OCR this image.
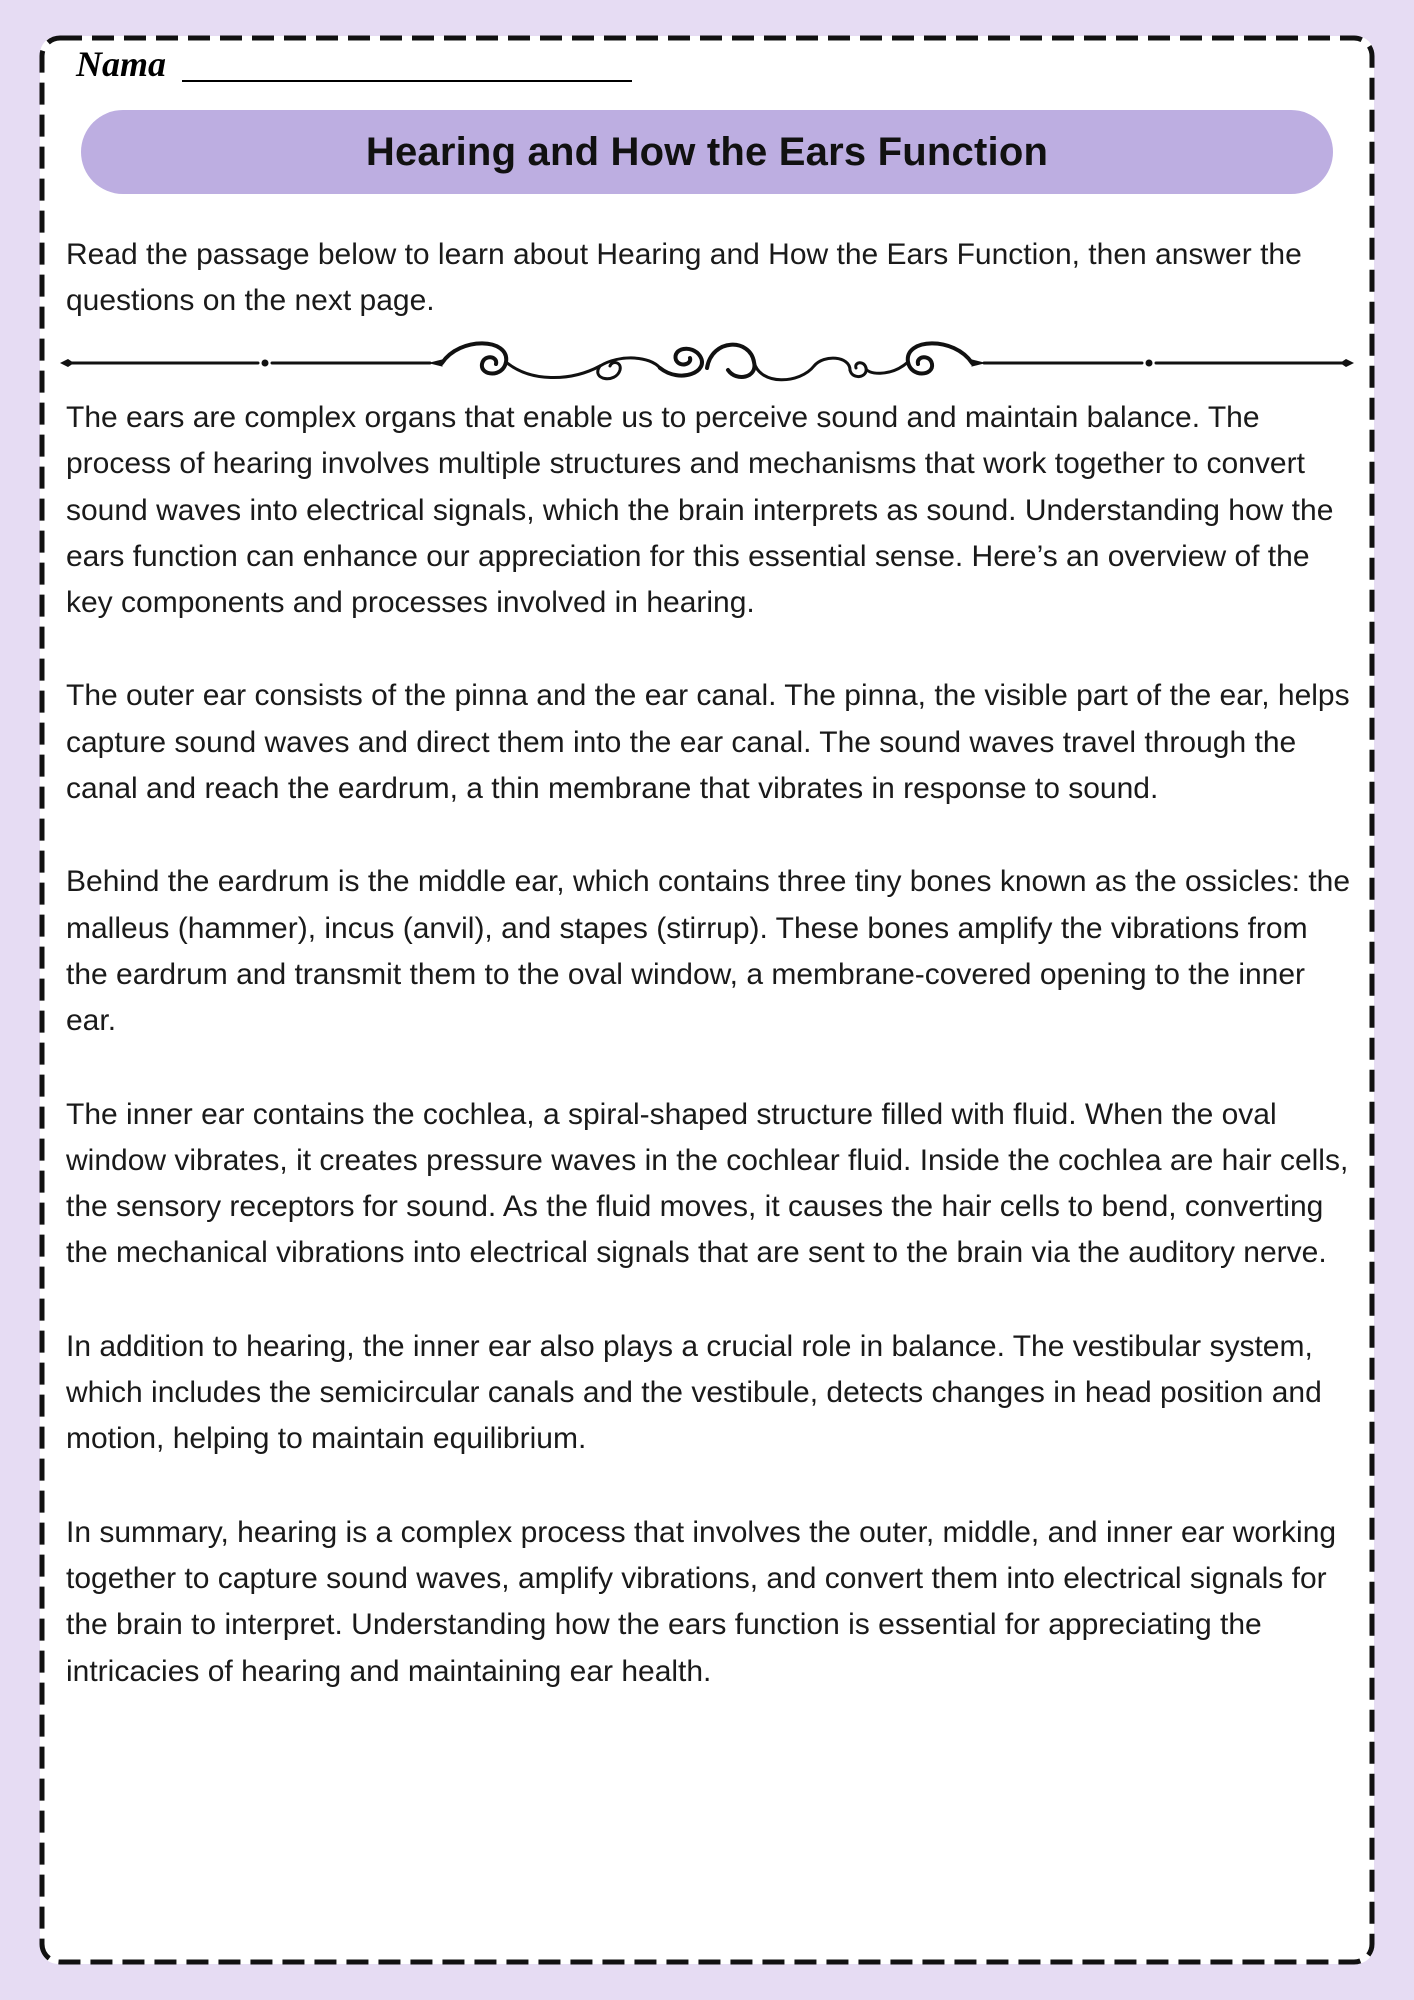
Nama
Hearing and How the Ears Function

Read the passage below to learn about Hearing and How the Ears Function, then answer the questions on the next page.

The ears are complex organs that enable us to perceive sound and maintain balance. The process of hearing involves multiple structures and mechanisms that work together to convert sound waves into electrical signals, which the brain interprets as sound. Understanding how the ears function can enhance our appreciation for this essential sense. Here’s an overview of the key components and processes involved in hearing.

The outer ear consists of the pinna and the ear canal. The pinna, the visible part of the ear, helps capture sound waves and direct them into the ear canal. The sound waves travel through the canal and reach the eardrum, a thin membrane that vibrates in response to sound.

Behind the eardrum is the middle ear, which contains three tiny bones known as the ossicles: the malleus (hammer), incus (anvil), and stapes (stirrup). These bones amplify the vibrations from the eardrum and transmit them to the oval window, a membrane-covered opening to the inner ear.

The inner ear contains the cochlea, a spiral-shaped structure filled with fluid. When the oval window vibrates, it creates pressure waves in the cochlear fluid. Inside the cochlea are hair cells, the sensory receptors for sound. As the fluid moves, it causes the hair cells to bend, converting the mechanical vibrations into electrical signals that are sent to the brain via the auditory nerve.

In addition to hearing, the inner ear also plays a crucial role in balance. The vestibular system, which includes the semicircular canals and the vestibule, detects changes in head position and motion, helping to maintain equilibrium.

In summary, hearing is a complex process that involves the outer, middle, and inner ear working together to capture sound waves, amplify vibrations, and convert them into electrical signals for the brain to interpret. Understanding how the ears function is essential for appreciating the intricacies of hearing and maintaining ear health.
